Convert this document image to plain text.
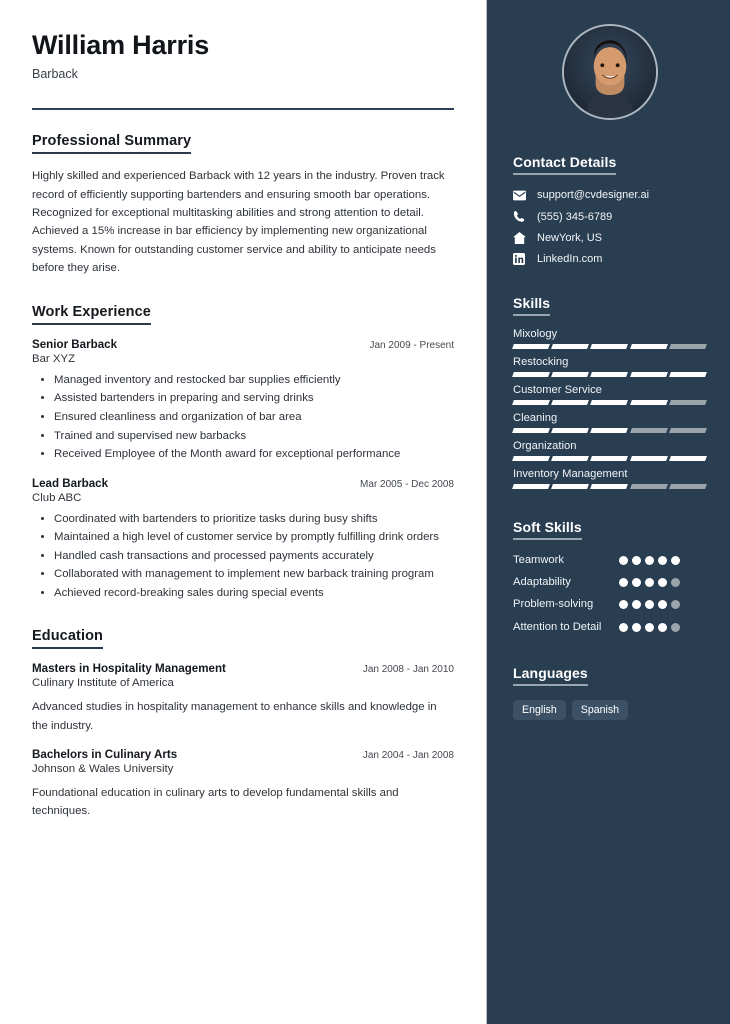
William Harris
Barback
Professional Summary
Highly skilled and experienced Barback with 12 years in the industry. Proven track record of efficiently supporting bartenders and ensuring smooth bar operations. Recognized for exceptional multitasking abilities and strong attention to detail. Achieved a 15% increase in bar efficiency by implementing new organizational systems. Known for outstanding customer service and ability to anticipate needs before they arise.
Work Experience
Senior Barback	Jan 2009 - Present
Bar XYZ
• Managed inventory and restocked bar supplies efficiently
• Assisted bartenders in preparing and serving drinks
• Ensured cleanliness and organization of bar area
• Trained and supervised new barbacks
• Received Employee of the Month award for exceptional performance
Lead Barback	Mar 2005 - Dec 2008
Club ABC
• Coordinated with bartenders to prioritize tasks during busy shifts
• Maintained a high level of customer service by promptly fulfilling drink orders
• Handled cash transactions and processed payments accurately
• Collaborated with management to implement new barback training program
• Achieved record-breaking sales during special events
Education
Masters in Hospitality Management	Jan 2008 - Jan 2010
Culinary Institute of America
Advanced studies in hospitality management to enhance skills and knowledge in the industry.
Bachelors in Culinary Arts	Jan 2004 - Jan 2008
Johnson & Wales University
Foundational education in culinary arts to develop fundamental skills and techniques.
Contact Details
support@cvdesigner.ai
(555) 345-6789
NewYork, US
LinkedIn.com
Skills
Mixology
Restocking
Customer Service
Cleaning
Organization
Inventory Management
Soft Skills
Teamwork
Adaptability
Problem-solving
Attention to Detail
Languages
English	Spanish
